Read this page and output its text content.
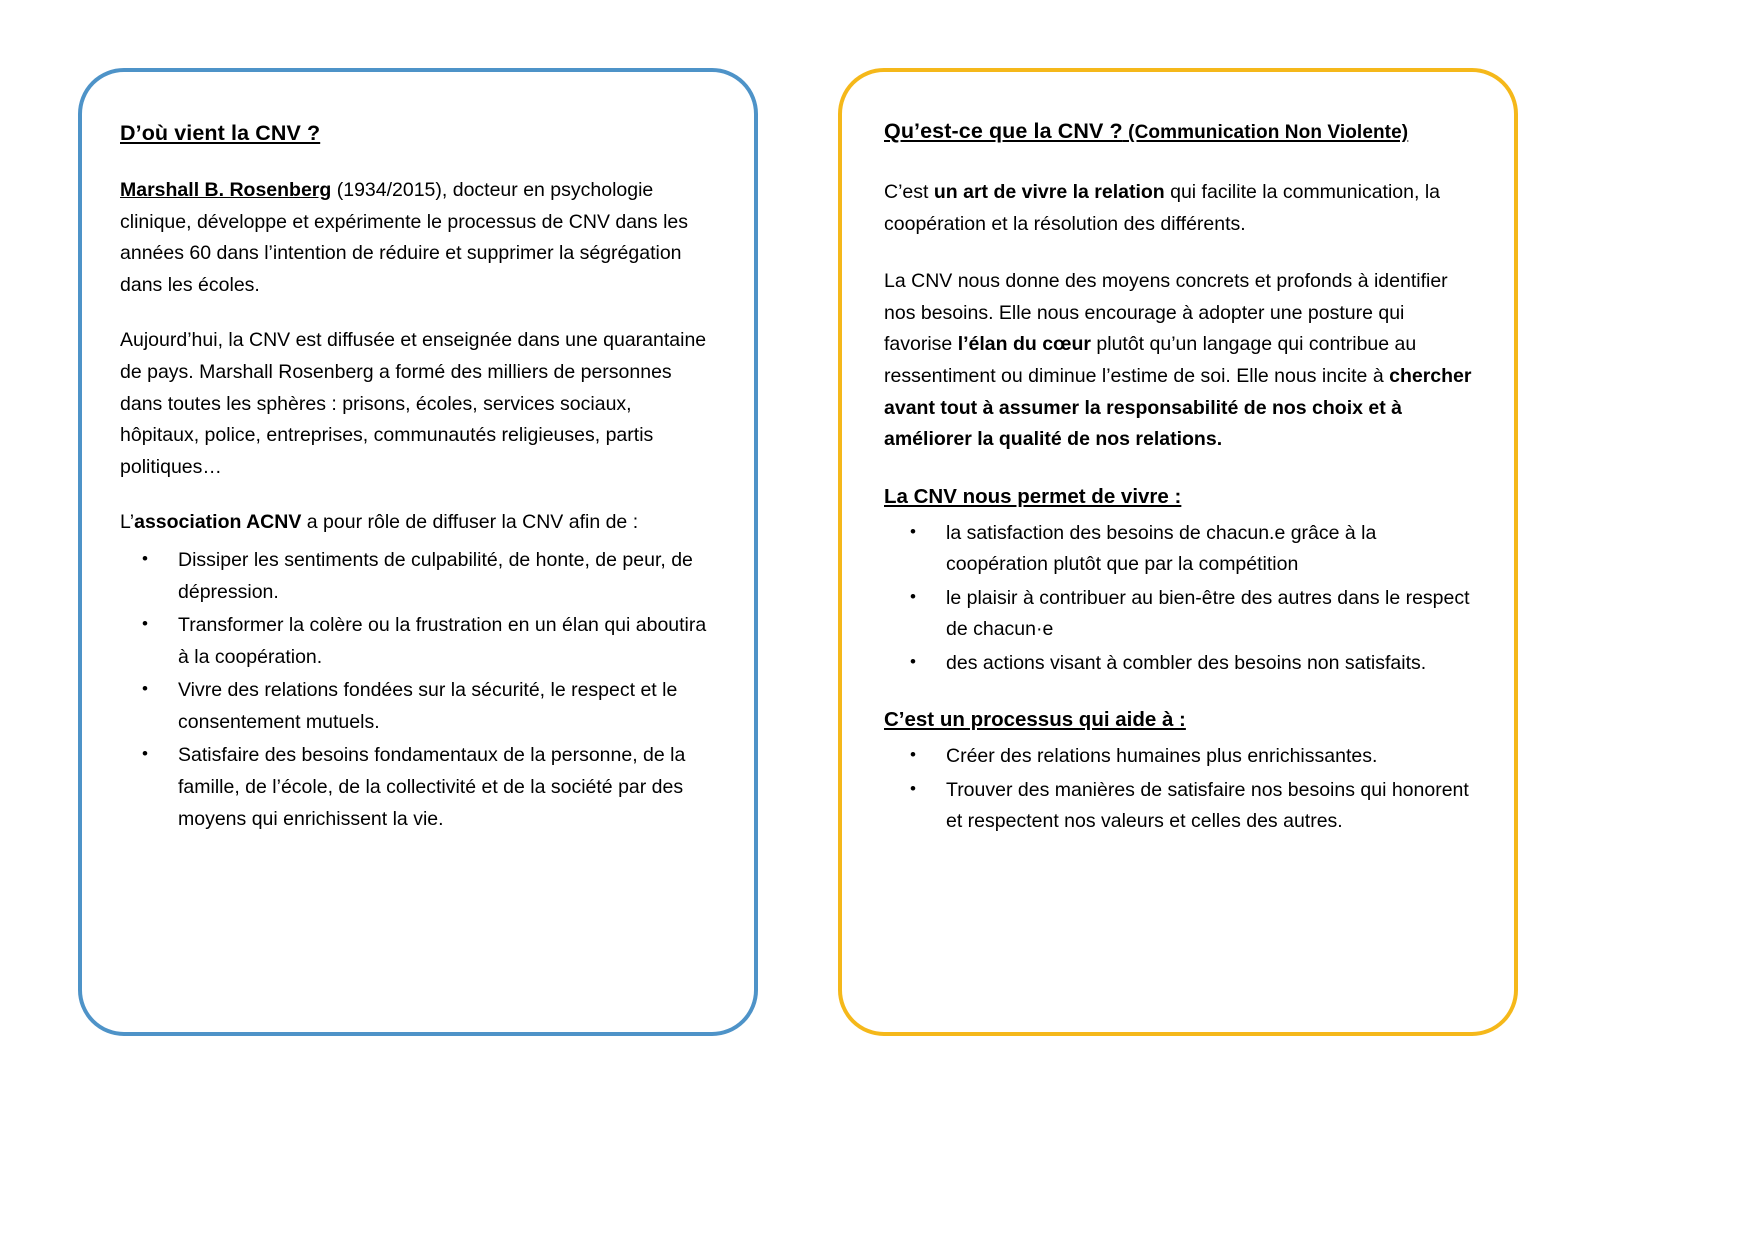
D’où vient la CNV ?

Marshall B. Rosenberg (1934/2015), docteur en psychologie clinique, développe et expérimente le processus de CNV dans les années 60 dans l’intention de réduire et supprimer la ségrégation dans les écoles.

Aujourd’hui, la CNV est diffusée et enseignée dans une quarantaine de pays. Marshall Rosenberg a formé des milliers de personnes dans toutes les sphères : prisons, écoles, services sociaux, hôpitaux, police, entreprises, communautés religieuses, partis politiques…

L’association ACNV a pour rôle de diffuser la CNV afin de :

• Dissiper les sentiments de culpabilité, de honte, de peur, de dépression.
• Transformer la colère ou la frustration en un élan qui aboutira à la coopération.
• Vivre des relations fondées sur la sécurité, le respect et le consentement mutuels.
• Satisfaire des besoins fondamentaux de la personne, de la famille, de l’école, de la collectivité et de la société par des moyens qui enrichissent la vie.
Qu’est-ce que la CNV ? (Communication Non Violente)

C’est un art de vivre la relation qui facilite la communication, la coopération et la résolution des différents.

La CNV nous donne des moyens concrets et profonds à identifier nos besoins. Elle nous encourage à adopter une posture qui favorise l’élan du cœur plutôt qu’un langage qui contribue au ressentiment ou diminue l’estime de soi. Elle nous incite à chercher avant tout à assumer la responsabilité de nos choix et à améliorer la qualité de nos relations.

La CNV nous permet de vivre :
• la satisfaction des besoins de chacun.e grâce à la coopération plutôt que par la compétition
• le plaisir à contribuer au bien-être des autres dans le respect de chacun·e
• des actions visant à combler des besoins non satisfaits.
C’est un processus qui aide à :
• Créer des relations humaines plus enrichissantes.
• Trouver des manières de satisfaire nos besoins qui honorent et respectent nos valeurs et celles des autres.
